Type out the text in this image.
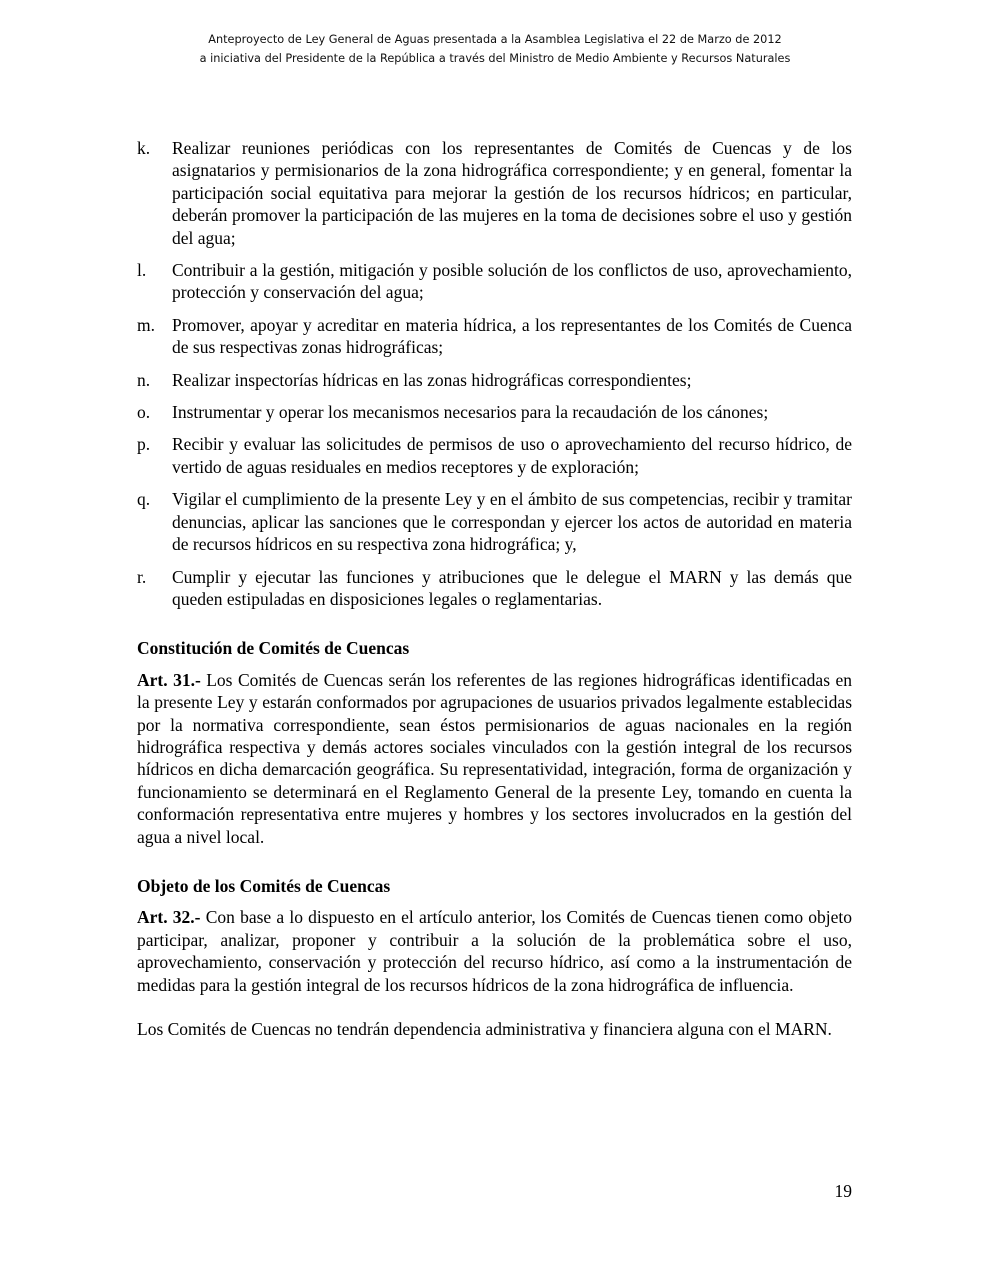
Anteproyecto de Ley General de Aguas presentada a la Asamblea Legislativa el 22 de Marzo de 2012
a iniciativa del Presidente de la República a través del Ministro de Medio Ambiente y Recursos Naturales
k.	Realizar reuniones periódicas con los representantes de Comités de Cuencas y de los asignatarios y permisionarios de la zona hidrográfica correspondiente; y en general, fomentar la participación social equitativa para mejorar la gestión de los recursos hídricos; en particular, deberán promover la participación de las mujeres en la toma de decisiones sobre el uso y gestión del agua;
l.	Contribuir a la gestión, mitigación y posible solución de los conflictos de uso, aprovechamiento, protección y conservación del agua;
m. Promover, apoyar y acreditar en materia hídrica, a los representantes de los Comités de Cuenca de sus respectivas zonas hidrográficas;
n.	Realizar inspectorías hídricas en las zonas hidrográficas correspondientes;
o.	Instrumentar y operar los mecanismos necesarios para la recaudación de los cánones;
p.	Recibir y evaluar las solicitudes de permisos de uso o aprovechamiento del recurso hídrico, de vertido de aguas residuales en medios receptores y de exploración;
q.	Vigilar el cumplimiento de la presente Ley y en el ámbito de sus competencias, recibir y tramitar denuncias, aplicar las sanciones que le correspondan y ejercer los actos de autoridad en materia de recursos hídricos en su respectiva zona hidrográfica; y,
r.	Cumplir y ejecutar las funciones y atribuciones que le delegue el MARN y las demás que queden estipuladas en disposiciones legales o reglamentarias.
Constitución de Comités de Cuencas

Art. 31.- Los Comités de Cuencas serán los referentes de las regiones hidrográficas identificadas en la presente Ley y estarán conformados por agrupaciones de usuarios privados legalmente establecidas por la normativa correspondiente, sean éstos permisionarios de aguas nacionales en la región hidrográfica respectiva y demás actores sociales vinculados con la gestión integral de los recursos hídricos en dicha demarcación geográfica. Su representatividad, integración, forma de organización y funcionamiento se determinará en el Reglamento General de la presente Ley, tomando en cuenta la conformación representativa entre mujeres y hombres y los sectores involucrados en la gestión del agua a nivel local.

Objeto de los Comités de Cuencas

Art. 32.- Con base a lo dispuesto en el artículo anterior, los Comités de Cuencas tienen como objeto participar, analizar, proponer y contribuir a la solución de la problemática sobre el uso, aprovechamiento, conservación y protección del recurso hídrico, así como a la instrumentación de medidas para la gestión integral de los recursos hídricos de la zona hidrográfica de influencia.

Los Comités de Cuencas no tendrán dependencia administrativa y financiera alguna con el MARN.

19
